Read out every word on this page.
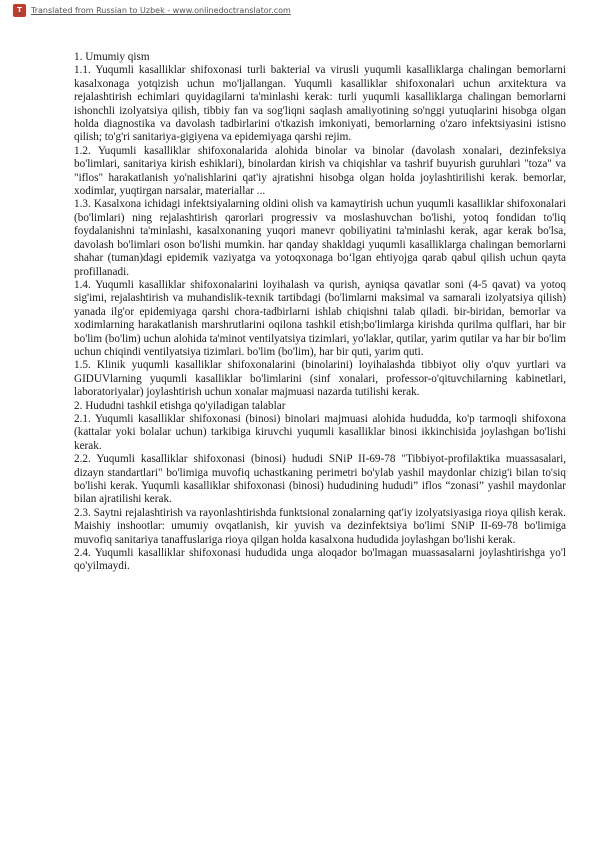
T	Translated from Russian to Uzbek - www.onlinedoctranslator.com

1. Umumiy qism

1.1. Yuqumli kasalliklar shifoxonasi turli bakterial va virusli yuqumli kasalliklarga chalingan bemorlarni kasalxonaga yotqizish uchun mo'ljallangan. Yuqumli kasalliklar shifoxonalari uchun arxitektura va rejalashtirish echimlari quyidagilarni ta'minlashi kerak: turli yuqumli kasalliklarga chalingan bemorlarni ishonchli izolyatsiya qilish, tibbiy fan va sog'liqni saqlash amaliyotining so'nggi yutuqlarini hisobga olgan holda diagnostika va davolash tadbirlarini o'tkazish imkoniyati, bemorlarning o'zaro infektsiyasini istisno qilish; to'g'ri sanitariya-gigiyena va epidemiyaga qarshi rejim.

1.2. Yuqumli kasalliklar shifoxonalarida alohida binolar va binolar (davolash xonalari, dezinfeksiya bo'limlari, sanitariya kirish eshiklari), binolardan kirish va chiqishlar va tashrif buyurish guruhlari "toza" va "iflos" harakatlanish yo'nalishlarini qat'iy ajratishni hisobga olgan holda joylashtirilishi kerak. bemorlar, xodimlar, yuqtirgan narsalar, materiallar ...

1.3. Kasalxona ichidagi infektsiyalarning oldini olish va kamaytirish uchun yuqumli kasalliklar shifoxonalari (bo'limlari) ning rejalashtirish qarorlari progressiv va moslashuvchan bo'lishi, yotoq fondidan to'liq foydalanishni ta'minlashi, kasalxonaning yuqori manevr qobiliyatini ta'minlashi kerak, agar kerak bo'lsa, davolash bo'limlari oson bo'lishi mumkin. har qanday shakldagi yuqumli kasalliklarga chalingan bemorlarni shahar (tuman)dagi epidemik vaziyatga va yotoqxonaga bo‘lgan ehtiyojga qarab qabul qilish uchun qayta profillanadi.

1.4. Yuqumli kasalliklar shifoxonalarini loyihalash va qurish, ayniqsa qavatlar soni (4-5 qavat) va yotoq sig'imi, rejalashtirish va muhandislik-texnik tartibdagi (bo'limlarni maksimal va samarali izolyatsiya qilish) yanada ilg'or epidemiyaga qarshi chora-tadbirlarni ishlab chiqishni talab qiladi. bir-biridan, bemorlar va xodimlarning harakatlanish marshrutlarini oqilona tashkil etish;bo'limlarga kirishda qurilma qulflari, har bir bo'lim (bo'lim) uchun alohida ta'minot ventilyatsiya tizimlari, yo'laklar, qutilar, yarim qutilar va har bir bo'lim uchun chiqindi ventilyatsiya tizimlari. bo'lim (bo'lim), har bir quti, yarim quti.

1.5. Klinik yuqumli kasalliklar shifoxonalarini (binolarini) loyihalashda tibbiyot oliy o'quv yurtlari va GIDUVlarning yuqumli kasalliklar bo'limlarini (sinf xonalari, professor-o'qituvchilarning kabinetlari, laboratoriyalar) joylashtirish uchun xonalar majmuasi nazarda tutilishi kerak.

2. Hududni tashkil etishga qo'yiladigan talablar

2.1. Yuqumli kasalliklar shifoxonasi (binosi) binolari majmuasi alohida hududda, ko'p tarmoqli shifoxona (kattalar yoki bolalar uchun) tarkibiga kiruvchi yuqumli kasalliklar binosi ikkinchisida joylashgan bo'lishi kerak.

2.2. Yuqumli kasalliklar shifoxonasi (binosi) hududi SNiP II-69-78 "Tibbiyot-profilaktika muassasalari, dizayn standartlari" bo'limiga muvofiq uchastkaning perimetri bo'ylab yashil maydonlar chizig'i bilan to'siq bo'lishi kerak. Yuqumli kasalliklar shifoxonasi (binosi) hududining hududi” iflos “zonasi” yashil maydonlar bilan ajratilishi kerak.

2.3. Saytni rejalashtirish va rayonlashtirishda funktsional zonalarning qat'iy izolyatsiyasiga rioya qilish kerak. Maishiy inshootlar: umumiy ovqatlanish, kir yuvish va dezinfektsiya bo'limi SNiP II-69-78 bo'limiga muvofiq sanitariya tanaffuslariga rioya qilgan holda kasalxona hududida joylashgan bo'lishi kerak.

2.4. Yuqumli kasalliklar shifoxonasi hududida unga aloqador bo'lmagan muassasalarni joylashtirishga yo'l qo'yilmaydi.
